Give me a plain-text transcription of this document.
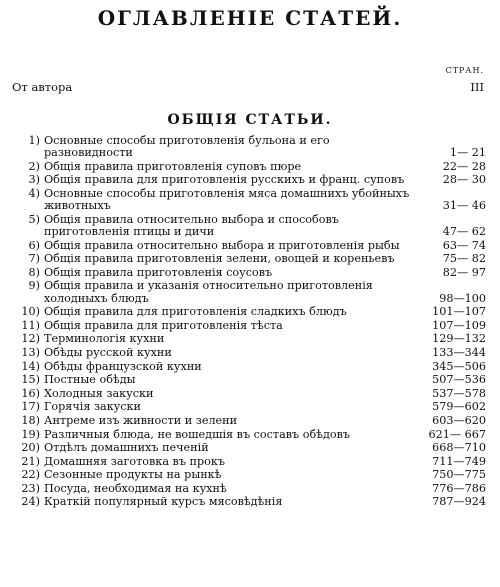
ОГЛАВЛЕНIЕ СТАТЕЙ.
СТРАН.
От автора	III
ОБЩIЯ СТАТЬИ.
1) Основные способы приготовленія бульона и его разновидности	1— 21
2) Общія правила приготовленія суповъ пюре	22— 28
3) Общія правила для приготовленія русскихъ и франц. суповъ	28— 30
4) Основные способы приготовленія мяса домашнихъ убойныхъ животныхъ	31— 46
5) Общія правила относительно выбора и способовъ приготовленія птицы и дичи	47— 62
6) Общія правила относительно выбора и приготовленія рыбы	63— 74
7) Общія правила приготовленія зелени, овощей и кореньевъ	75— 82
8) Общія правила приготовленія соусовъ	82— 97
9) Общія правила и указанія относительно приготовленія холодныхъ блюдъ	98—100
10) Общія правила для приготовленія сладкихъ блюдъ	101—107
11) Общія правила для приготовленія тѣста	107—109
12) Терминологія кухни	129—132
13) Обѣды русской кухни	133—344
14) Обѣды французской кухни	345—506
15) Постные обѣды	507—536
16) Холодныя закуски	537—578
17) Горячія закуски	579—602
18) Антреме изъ живности и зелени	603—620
19) Различныя блюда, не вошедшія въ составъ обѣдовъ	621— 667
20) Отдѣлъ домашнихъ печеній	668—710
21) Домашняя заготовка въ прокъ	711—749
22) Сезонные продукты на рынкѣ	750—775
23) Посуда, необходимая на кухнѣ	776—786
24) Краткій популярный курсъ мясовѣдѣнія	787—924
